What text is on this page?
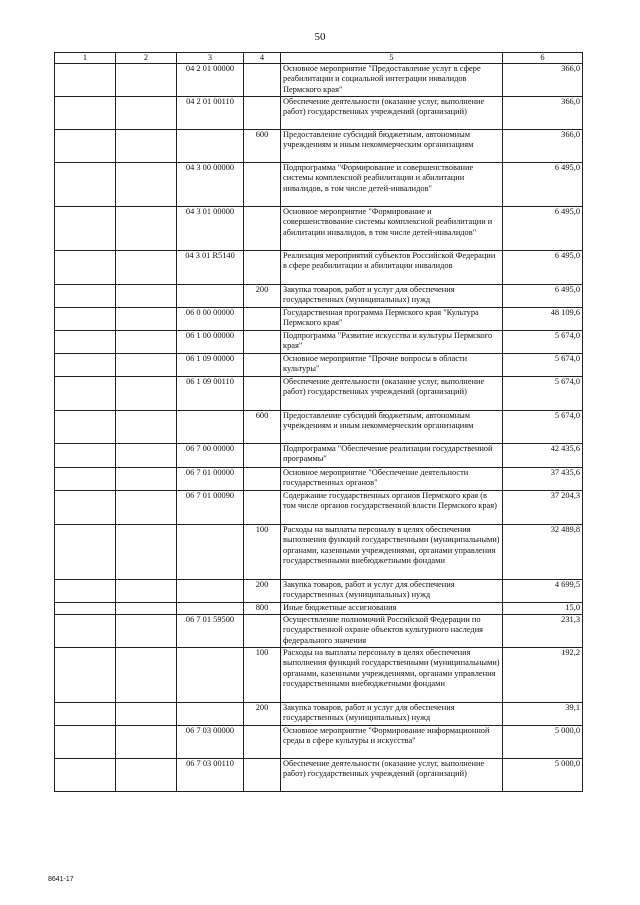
50
1	2	3	4	5	6
		04 2 01 00000		Основное мероприятие "Предоставление услуг в сфере реабилитации и социальной интеграции инвалидов Пермского края"	366,0
		04 2 01 00110		Обеспечение деятельности (оказание услуг, выполнение работ) государственных учреждений (организаций)	366,0
			600	Предоставление субсидий бюджетным, автономным учреждениям и иным некоммерческим организациям	366,0
		04 3 00 00000		Подпрограмма "Формирование и совершенствование системы комплексной реабилитации и абилитации инвалидов, в том числе детей-инвалидов"	6 495,0
		04 3 01 00000		Основное мероприятие "Формирование и совершенствование системы комплексной реабилитации и абилитации инвалидов, в том числе детей-инвалидов"	6 495,0
		04 3 01 R5140		Реализация мероприятий субъектов Российской Федерации в сфере реабилитации и абилитации инвалидов	6 495,0
			200	Закупка товаров, работ и услуг для обеспечения государственных (муниципальных) нужд	6 495,0
		06 0 00 00000		Государственная программа Пермского края "Культура Пермского края"	48 109,6
		06 1 00 00000		Подпрограмма "Развитие искусства и культуры Пермского края"	5 674,0
		06 1 09 00000		Основное мероприятие "Прочие вопросы в области культуры"	5 674,0
		06 1 09 00110		Обеспечение деятельности (оказание услуг, выполнение работ) государственных учреждений (организаций)	5 674,0
			600	Предоставление субсидий бюджетным, автономным учреждениям и иным некоммерческим организациям	5 674,0
		06 7 00 00000		Подпрограмма "Обеспечение реализации государственной программы"	42 435,6
		06 7 01 00000		Основное мероприятие "Обеспечение деятельности государственных органов"	37 435,6
		06 7 01 00090		Содержание государственных органов Пермского края (в том числе органов государственной власти Пермского края)	37 204,3
			100	Расходы на выплаты персоналу в целях обеспечения выполнения функций государственными (муниципальными) органами, казенными учреждениями, органами управления государственными внебюджетными фондами	32 489,8
			200	Закупка товаров, работ и услуг для обеспечения государственных (муниципальных) нужд	4 699,5
			800	Иные бюджетные ассигнования	15,0
		06 7 01 59500		Осуществление полномочий Российской Федерации по государственной охране объектов культурного наследия федерального значения	231,3
			100	Расходы на выплаты персоналу в целях обеспечения выполнения функций государственными (муниципальными) органами, казенными учреждениями, органами управления государственными внебюджетными фондами	192,2
			200	Закупка товаров, работ и услуг для обеспечения государственных (муниципальных) нужд	39,1
		06 7 03 00000		Основное мероприятие "Формирование информационной среды в сфере культуры и искусства"	5 000,0
		06 7 03 00110		Обеспечение деятельности (оказание услуг, выполнение работ) государственных учреждений (организаций)	5 000,0
8641-17
